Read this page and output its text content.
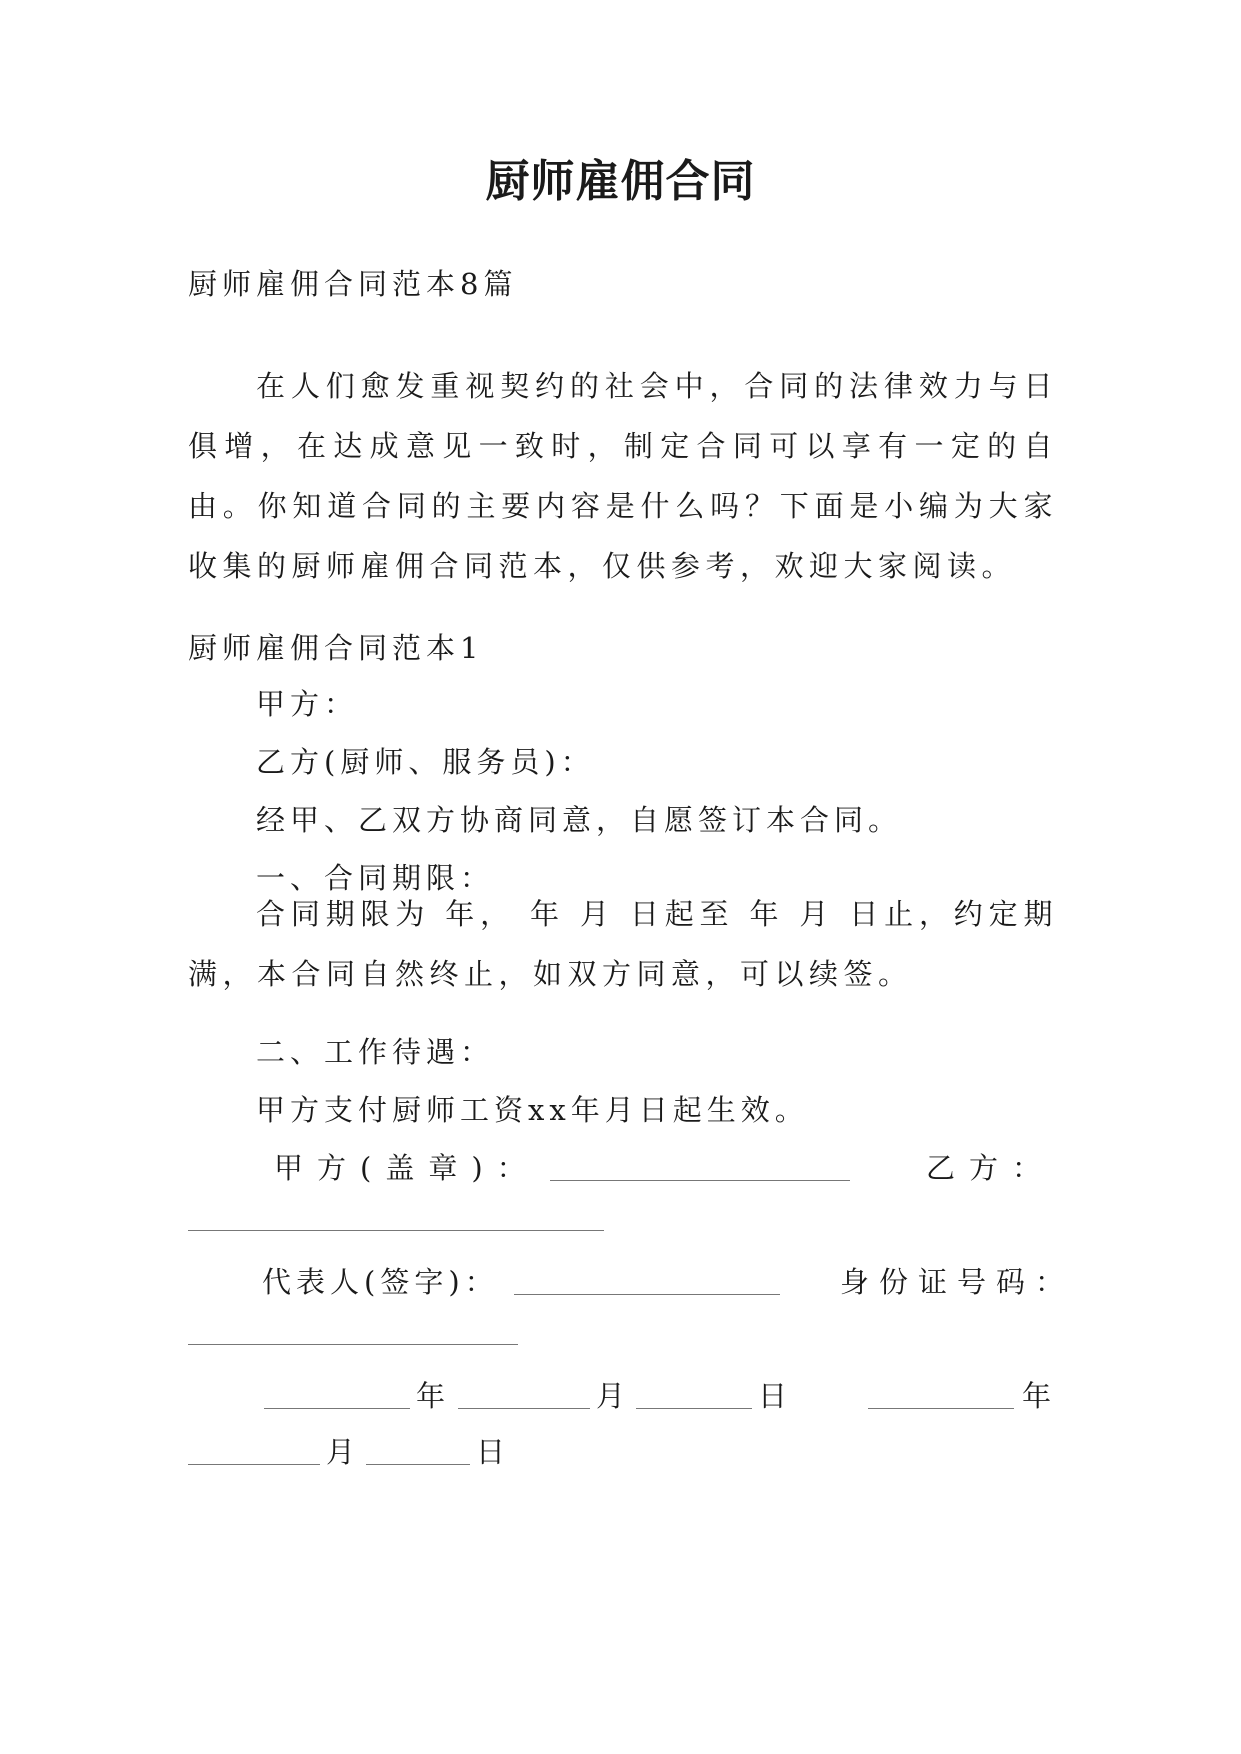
厨师雇佣合同
厨师雇佣合同范本8篇
在人们愈发重视契约的社会中，合同的法律效力与日俱增，在达成意见一致时，制定合同可以享有一定的自由。你知道合同的主要内容是什么吗？下面是小编为大家收集的厨师雇佣合同范本，仅供参考，欢迎大家阅读。
厨师雇佣合同范本1
甲方：
乙方(厨师、服务员)：
经甲、乙双方协商同意，自愿签订本合同。
一、合同期限：
合同期限为 年， 年 月 日起至 年 月 日止，约定期满，本合同自然终止，如双方同意，可以续签。
二、工作待遇：
甲方支付厨师工资xx年月日起生效。
甲方(盖章)：	乙方：
代表人(签字)：	身份证号码：
年	月	日	年
月	日
